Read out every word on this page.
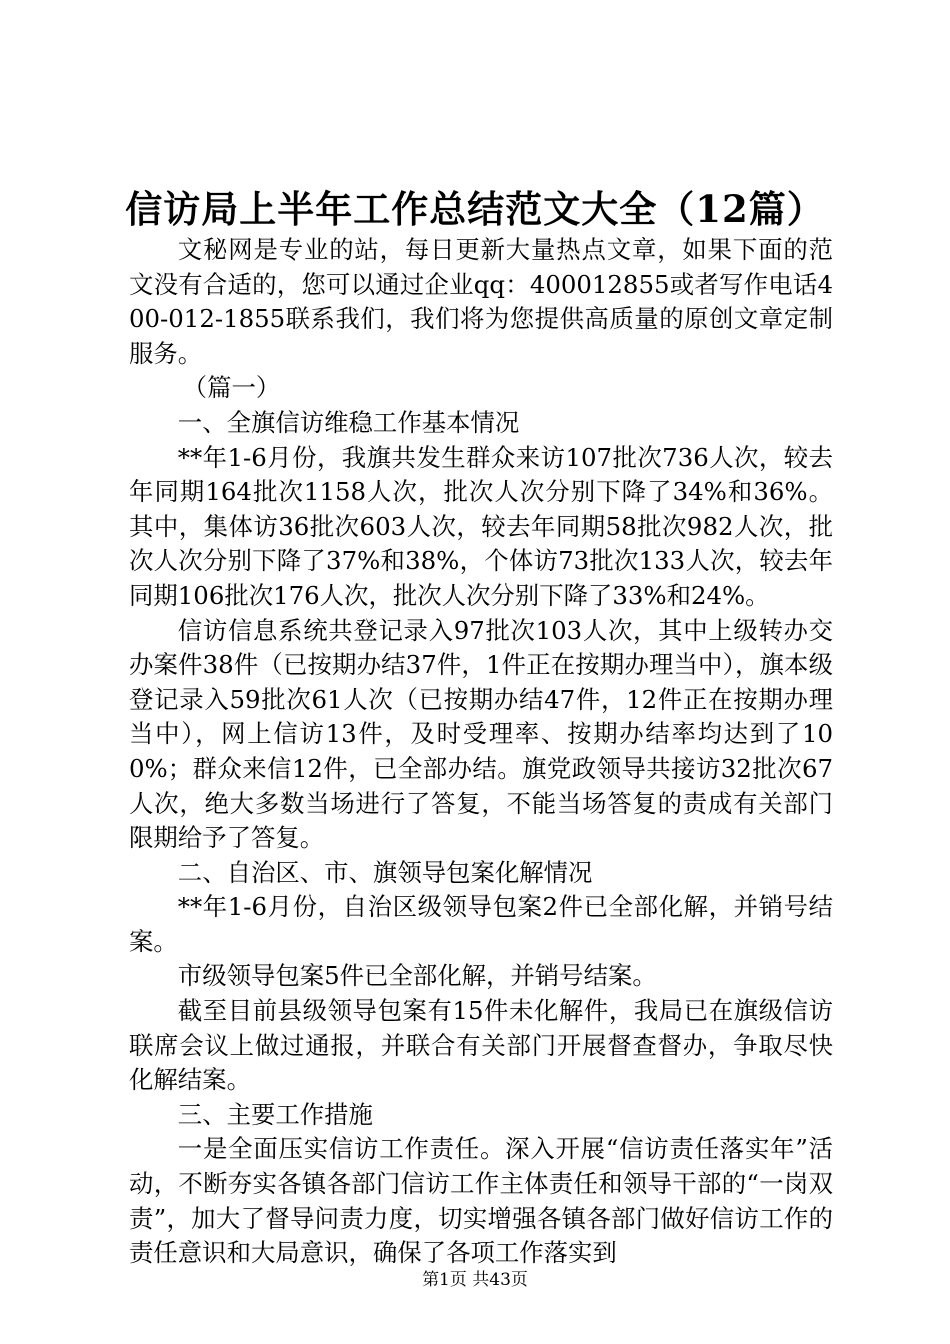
信访局上半年工作总结范文大全（12篇）

文秘网是专业的站，每日更新大量热点文章，如果下面的范文没有合适的，您可以通过企业qq：400012855或者写作电话400-012-1855联系我们，我们将为您提供高质量的原创文章定制服务。

（篇一）

一、全旗信访维稳工作基本情况

**年1-6月份，我旗共发生群众来访107批次736人次，较去年同期164批次1158人次，批次人次分别下降了34%和36%。其中，集体访36批次603人次，较去年同期58批次982人次，批次人次分别下降了37%和38%，个体访73批次133人次，较去年同期106批次176人次，批次人次分别下降了33%和24%。

信访信息系统共登记录入97批次103人次，其中上级转办交办案件38件（已按期办结37件，1件正在按期办理当中），旗本级登记录入59批次61人次（已按期办结47件，12件正在按期办理当中），网上信访13件，及时受理率、按期办结率均达到了100%；群众来信12件，已全部办结。旗党政领导共接访32批次67人次，绝大多数当场进行了答复，不能当场答复的责成有关部门限期给予了答复。

二、自治区、市、旗领导包案化解情况

**年1-6月份，自治区级领导包案2件已全部化解，并销号结案。

市级领导包案5件已全部化解，并销号结案。

截至目前县级领导包案有15件未化解件，我局已在旗级信访联席会议上做过通报，并联合有关部门开展督查督办，争取尽快化解结案。

三、主要工作措施

一是全面压实信访工作责任。深入开展“信访责任落实年”活动，不断夯实各镇各部门信访工作主体责任和领导干部的“一岗双责”，加大了督导问责力度，切实增强各镇各部门做好信访工作的责任意识和大局意识，确保了各项工作落实到

第1页 共43页
